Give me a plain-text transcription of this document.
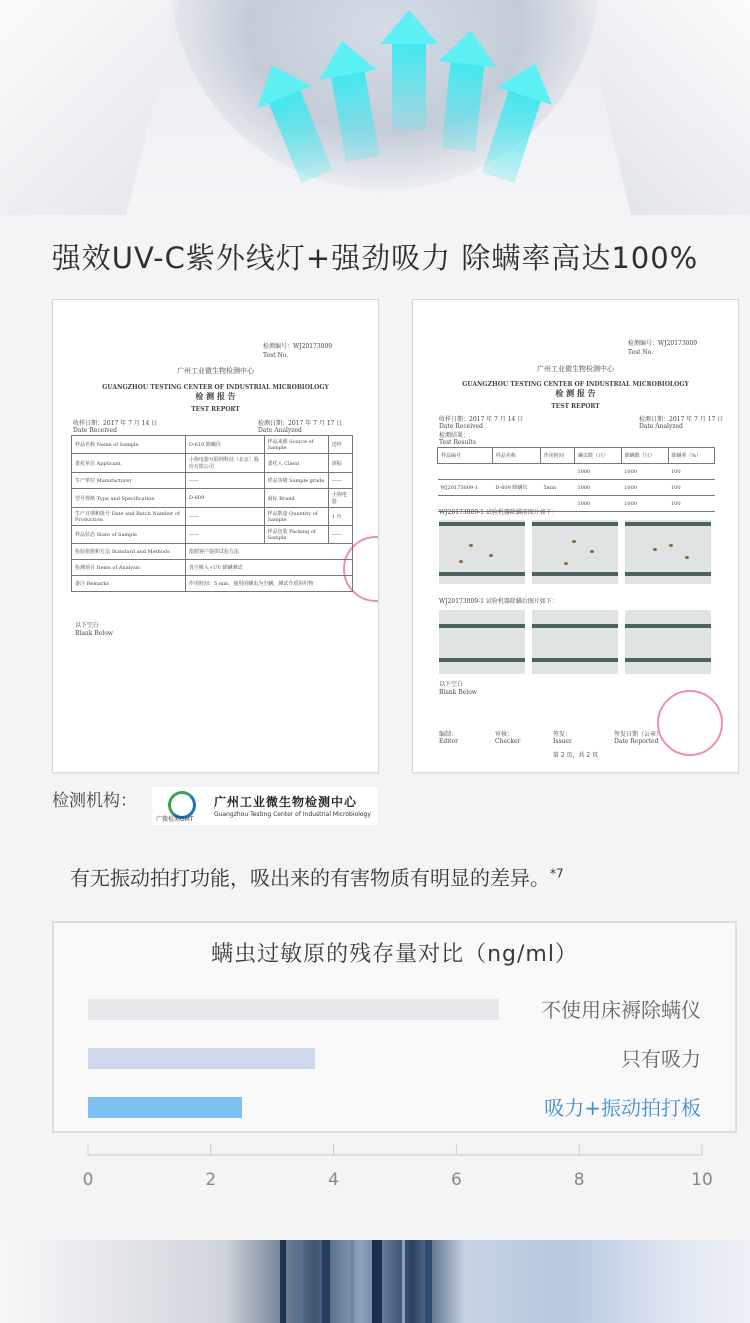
强效UV-C紫外线灯+强劲吸力 除螨率高达100%
检测编号：WJ20173009
Test No.
广州工业微生物检测中心
GUANGZHOU TESTING CENTER OF INDUSTRIAL MICROBIOLOGY
检 测 报 告
TEST REPORT
收样日期：2017 年 7 月 14 日
Date Received
检测日期：2017 年 7 月 17 日
Date Analyzed
样品名称 Name of Sample	D-610 除螨仪	样品来源 Source of Sample	送样
委托单位 Applicant	小狗电器互联网科技（北京）股份有限公司	委托人 Client	谭振
生产单位 Manufacturer	——	样品等级 Sample grade	——
型号规格 Type and Specification	D-609	商标 Brand	小狗电器
生产日期和批号 Date and Batch Number of Production	——	样品数量 Quantity of Sample	1 台
样品状态 State of Sample	——	样品包装 Packing of Sample	——
检验依据和方法 Standard and Methods	依据客户提供试验方法		
检测项目 Items of Analysis	真空吸入+UV 除螨测试		
备注 Remarks	作用时间：5 min，使用的螨虫为尘螨，测试介质用织物		
以下空白
Blank Below
检测编号：WJ20173009
Test No.
广州工业微生物检测中心
GUANGZHOU TESTING CENTER OF INDUSTRIAL MICROBIOLOGY
检 测 报 告
TEST REPORT
收样日期：2017 年 7 月 14 日
Date Received
检测日期：2017 年 7 月 17 日
Date Analyzed
检测结果：
Test Results
样品编号	样品名称	作用时间	螨虫数（只）	除螨数（只）	除螨率（%）
			1000	1000	100
WJ20173009-1	D-609 除螨仪	5min	1000	1000	100
			1000	1000	100
WJ20173009-1 试验机器除螨前图片如下：
WJ20173009-1 试验机器除螨后图片如下：
以下空白
Blank Below
编制：
Editor
审核：
Checker
签发：
Issuer
签发日期（公章）
Date Reported
第 2 页，共 2 页
检测机构：
广微检测GMT
广州工业微生物检测中心
Guangzhou Testing Center of Industrial Microbiology
有无振动拍打功能，吸出来的有害物质有明显的差异。$^{*7}$
螨虫过敏原的残存量对比（ng/ml）
不使用床褥除螨仪
只有吸力
吸力+振动拍打板
0	2	4	6	8	10
